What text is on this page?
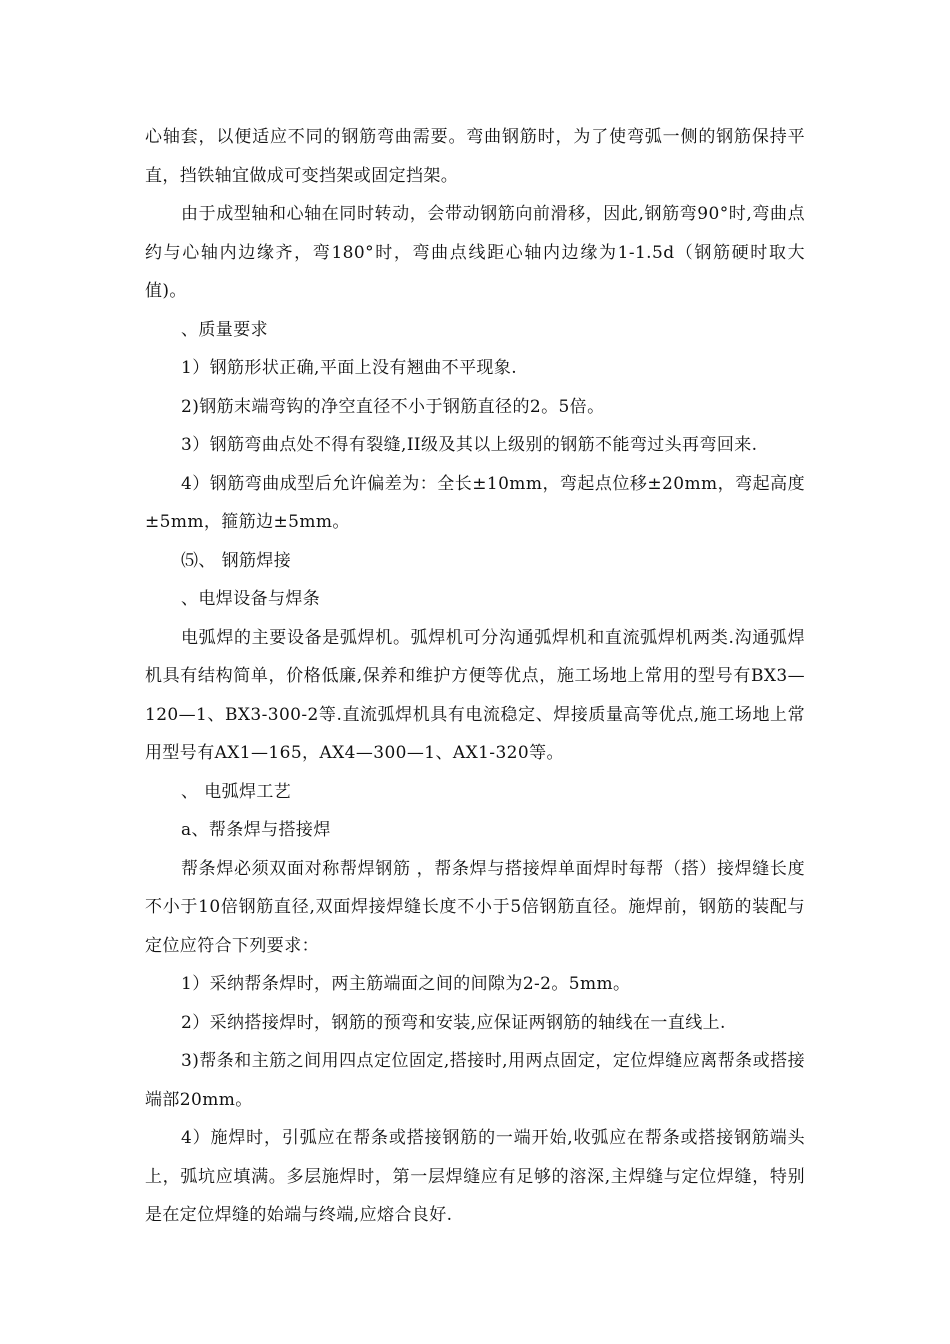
心轴套，以便适应不同的钢筋弯曲需要。弯曲钢筋时，为了使弯弧一侧的钢筋保持平直，挡铁轴宜做成可变挡架或固定挡架。

由于成型轴和心轴在同时转动，会带动钢筋向前滑移，因此,钢筋弯90°时,弯曲点约与心轴内边缘齐，弯180°时，弯曲点线距心轴内边缘为1-1.5d（钢筋硬时取大值)。

、质量要求

1）钢筋形状正确,平面上没有翘曲不平现象.

2)钢筋末端弯钩的净空直径不小于钢筋直径的2。5倍。

3）钢筋弯曲点处不得有裂缝,II级及其以上级别的钢筋不能弯过头再弯回来.

4）钢筋弯曲成型后允许偏差为：全长±10mm，弯起点位移±20mm，弯起高度±5mm，箍筋边±5mm。

⑸、 钢筋焊接

、电焊设备与焊条

电弧焊的主要设备是弧焊机。弧焊机可分沟通弧焊机和直流弧焊机两类.沟通弧焊机具有结构简单，价格低廉,保养和维护方便等优点，施工场地上常用的型号有BX3—120—1、BX3-300-2等.直流弧焊机具有电流稳定、焊接质量高等优点,施工场地上常用型号有AX1—165，AX4—300—1、AX1-320等。

、 电弧焊工艺

a、帮条焊与搭接焊

帮条焊必须双面对称帮焊钢筋 ，帮条焊与搭接焊单面焊时每帮（搭）接焊缝长度不小于10倍钢筋直径,双面焊接焊缝长度不小于5倍钢筋直径。施焊前，钢筋的装配与定位应符合下列要求：

1）采纳帮条焊时，两主筋端面之间的间隙为2-2。5mm。

2）采纳搭接焊时，钢筋的预弯和安装,应保证两钢筋的轴线在一直线上.

3)帮条和主筋之间用四点定位固定,搭接时,用两点固定，定位焊缝应离帮条或搭接端部20mm。

4）施焊时，引弧应在帮条或搭接钢筋的一端开始,收弧应在帮条或搭接钢筋端头上，弧坑应填满。多层施焊时，第一层焊缝应有足够的溶深,主焊缝与定位焊缝，特别是在定位焊缝的始端与终端,应熔合良好.
